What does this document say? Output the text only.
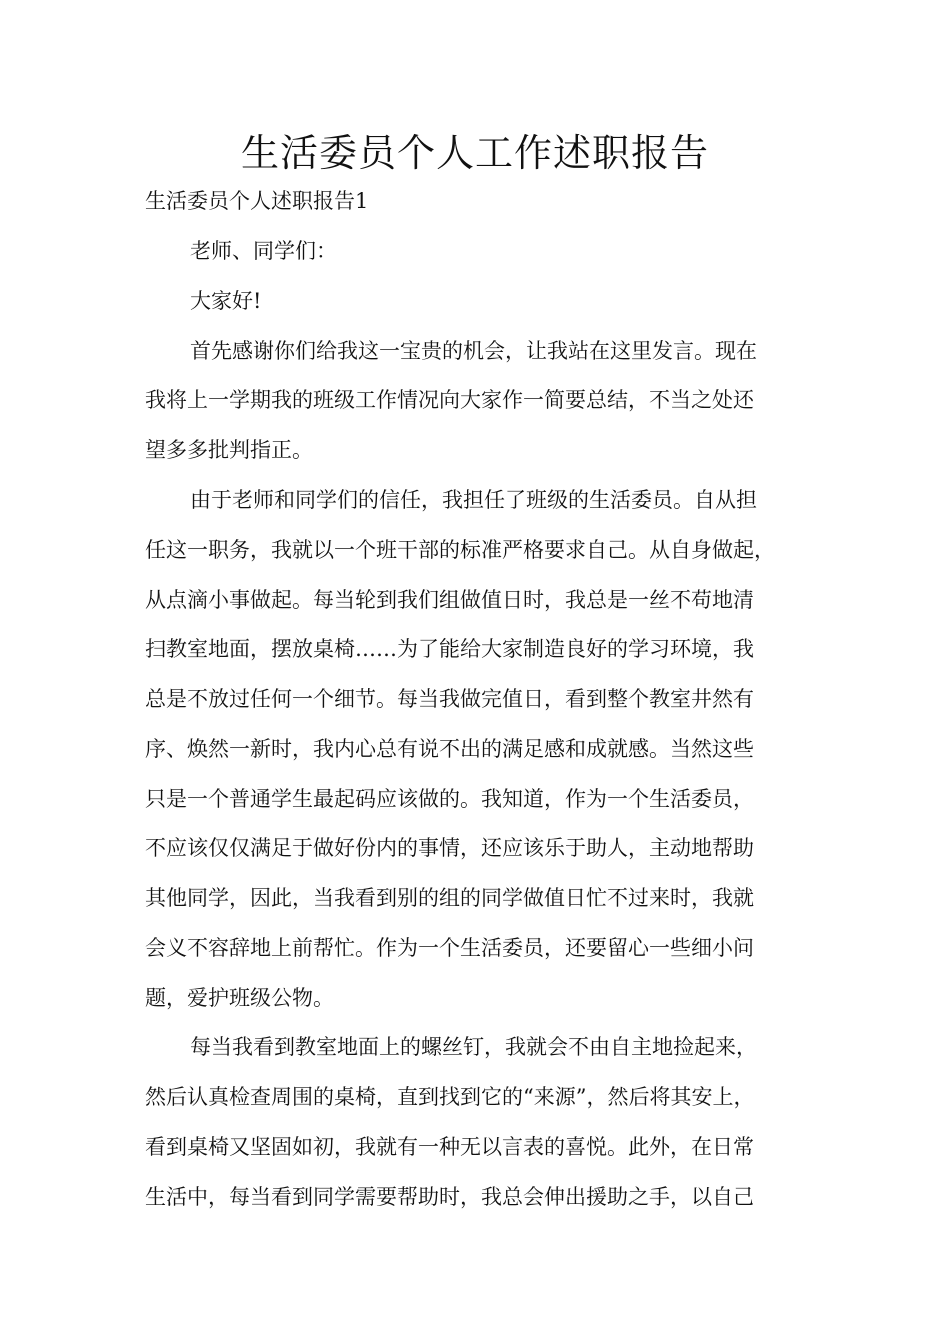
生活委员个人工作述职报告

生活委员个人述职报告1

老师、同学们：

大家好!

首先感谢你们给我这一宝贵的机会，让我站在这里发言。现在

我将上一学期我的班级工作情况向大家作一简要总结，不当之处还

望多多批判指正。

由于老师和同学们的信任，我担任了班级的生活委员。自从担

任这一职务，我就以一个班干部的标准严格要求自己。从自身做起，

从点滴小事做起。每当轮到我们组做值日时，我总是一丝不苟地清

扫教室地面，摆放桌椅……为了能给大家制造良好的学习环境，我

总是不放过任何一个细节。每当我做完值日，看到整个教室井然有

序、焕然一新时，我内心总有说不出的满足感和成就感。当然这些

只是一个普通学生最起码应该做的。我知道，作为一个生活委员，

不应该仅仅满足于做好份内的事情，还应该乐于助人，主动地帮助

其他同学，因此，当我看到别的组的同学做值日忙不过来时，我就

会义不容辞地上前帮忙。作为一个生活委员，还要留心一些细小问

题，爱护班级公物。

每当我看到教室地面上的螺丝钉，我就会不由自主地捡起来，

然后认真检查周围的桌椅，直到找到它的“来源”，然后将其安上，

看到桌椅又坚固如初，我就有一种无以言表的喜悦。此外，在日常

生活中，每当看到同学需要帮助时，我总会伸出援助之手，以自己
